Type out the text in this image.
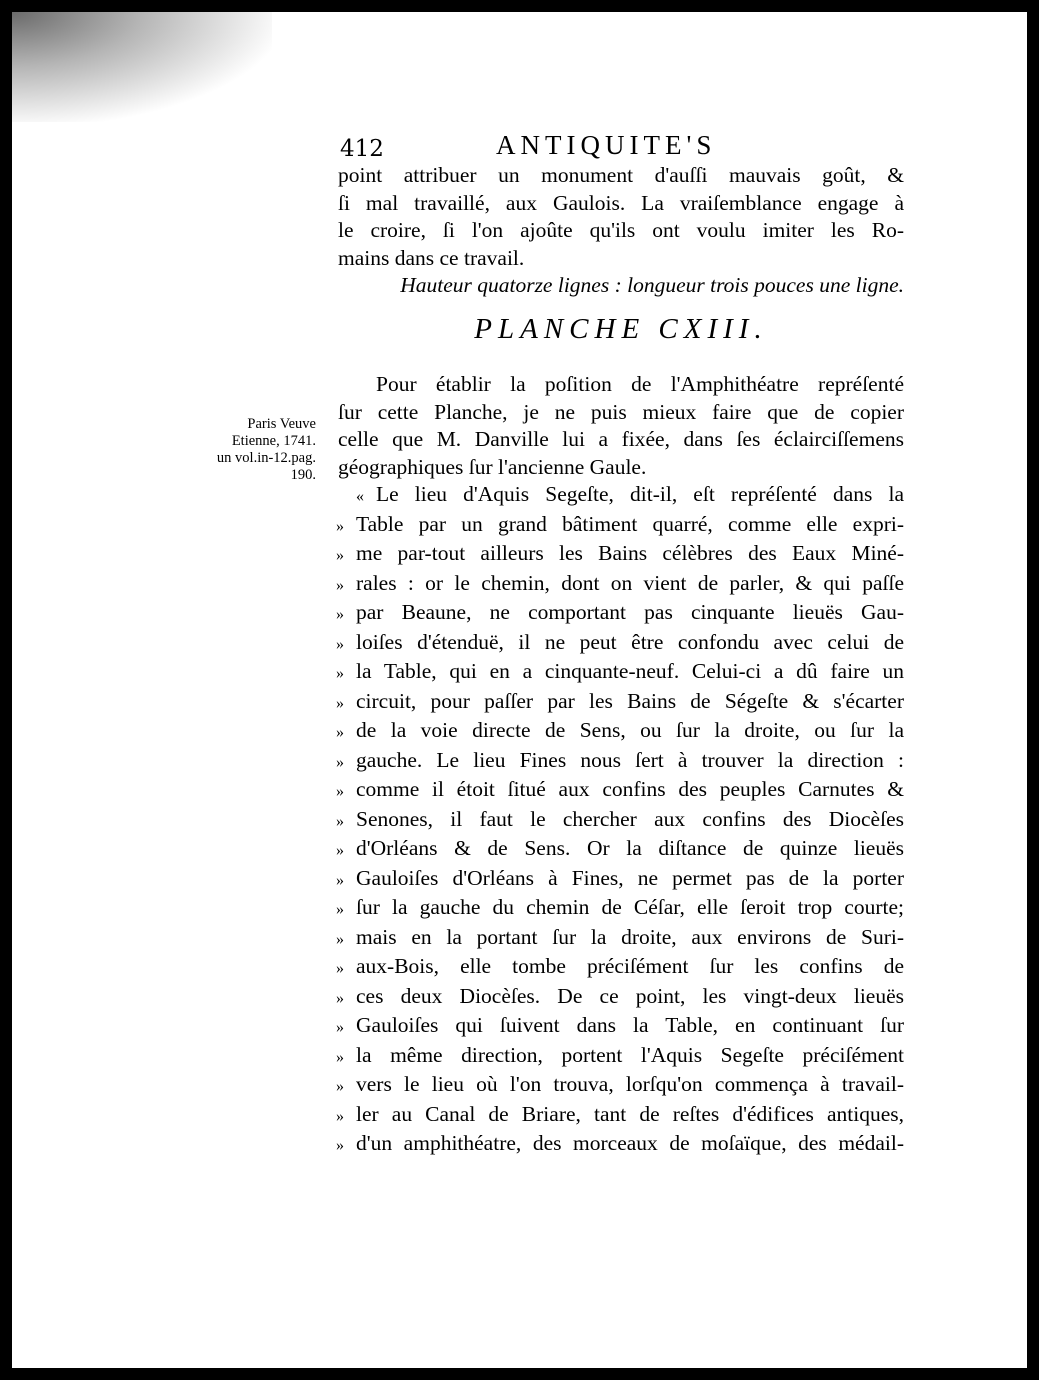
412	ANTIQUITE'S
Paris Veuve
Etienne, 1741.
un vol.in-12.pag.
190.
point attribuer un monument d'auſſi mauvais goût, &
ſi mal travaillé, aux Gaulois. La vraiſemblance engage à
le croire, ſi l'on ajoûte qu'ils ont voulu imiter les Ro-
mains dans ce travail.
Hauteur quatorze lignes : longueur trois pouces une ligne.
PLANCHE CXIII.
Pour établir la poſition de l'Amphithéatre repréſenté
ſur cette Planche, je ne puis mieux faire que de copier
celle que M. Danville lui a fixée, dans ſes éclairciſſemens
géographiques ſur l'ancienne Gaule.
« Le lieu d'Aquis Segeſte, dit-il, eſt repréſenté dans la
» Table par un grand bâtiment quarré, comme elle expri-
» me par-tout ailleurs les Bains célèbres des Eaux Miné-
» rales : or le chemin, dont on vient de parler, & qui paſſe
» par Beaune, ne comportant pas cinquante lieuës Gau-
» loiſes d'étenduë, il ne peut être confondu avec celui de
» la Table, qui en a cinquante-neuf. Celui-ci a dû faire un
» circuit, pour paſſer par les Bains de Ségeſte & s'écarter
» de la voie directe de Sens, ou ſur la droite, ou ſur la
» gauche. Le lieu Fines nous ſert à trouver la direction :
» comme il étoit ſitué aux confins des peuples Carnutes &
» Senones, il faut le chercher aux confins des Diocèſes
» d'Orléans & de Sens. Or la diſtance de quinze lieuës
» Gauloiſes d'Orléans à Fines, ne permet pas de la porter
» ſur la gauche du chemin de Céſar, elle ſeroit trop courte;
» mais en la portant ſur la droite, aux environs de Suri-
» aux-Bois, elle tombe préciſément ſur les confins de
» ces deux Diocèſes. De ce point, les vingt-deux lieuës
» Gauloiſes qui ſuivent dans la Table, en continuant ſur
» la même direction, portent l'Aquis Segeſte préciſément
» vers le lieu où l'on trouva, lorſqu'on commença à travail-
» ler au Canal de Briare, tant de reſtes d'édifices antiques,
» d'un amphithéatre, des morceaux de moſaïque, des médail-
